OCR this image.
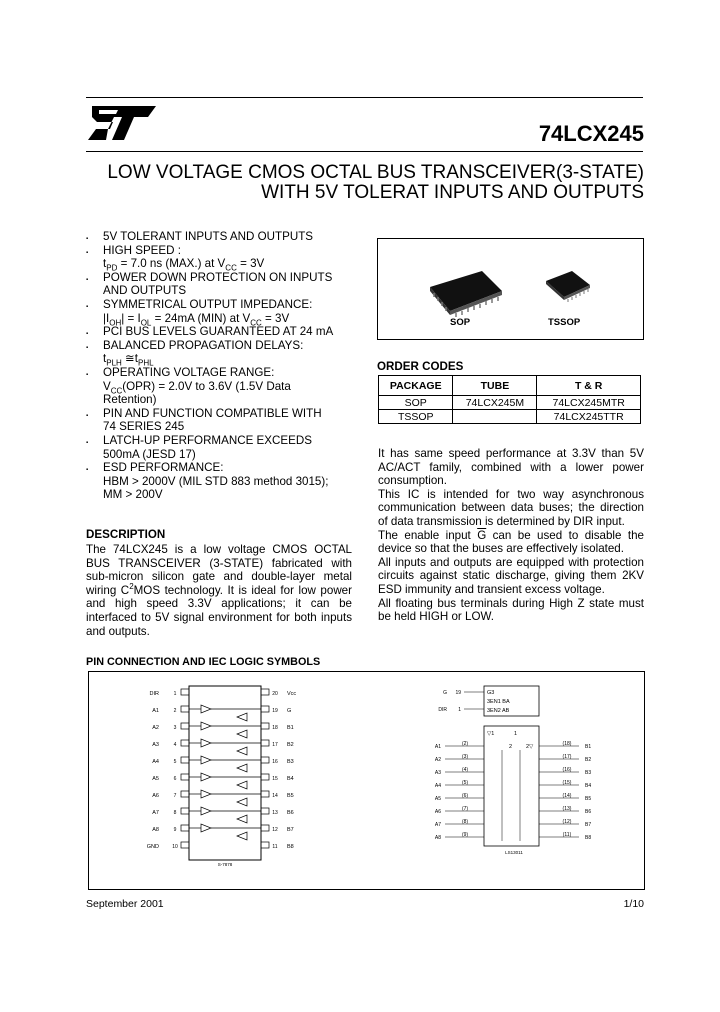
74LCX245
LOW VOLTAGE CMOS OCTAL BUS TRANSCEIVER(3-STATE)
WITH 5V TOLERAT INPUTS AND OUTPUTS
▪ 5V TOLERANT INPUTS AND OUTPUTS
▪ HIGH SPEED :
$t_{PD} = 7.0$ ns (MAX.) at $V_{CC} = 3V$
▪ POWER DOWN PROTECTION ON INPUTS
AND OUTPUTS
▪ SYMMETRICAL OUTPUT IMPEDANCE:
$|I_{OH}| = I_{OL} = 24mA$ (MIN) at $V_{CC} = 3V$
▪ PCI BUS LEVELS GUARANTEED AT 24 mA
▪ BALANCED PROPAGATION DELAYS:
$t_{PLH}$ $≅t_{PHL}$
▪ OPERATING VOLTAGE RANGE:
$V_{CC}(OPR) = 2.0V$ to 3.6V (1.5V Data
Retention)
▪ PIN AND FUNCTION COMPATIBLE WITH
74 SERIES 245
▪ LATCH-UP PERFORMANCE EXCEEDS
500mA (JESD 17)
▪ ESD PERFORMANCE:
HBM > 2000V (MIL STD 883 method 3015);
MM > 200V
SOP	TSSOP
ORDER CODES
PACKAGE	TUBE	T & R
SOP	74LCX245M	74LCX245MTR
TSSOP		74LCX245TTR
It has same speed performance at 3.3V than 5V AC/ACT family, combined with a lower power consumption.
This IC is intended for two way asynchronous communication between data buses; the direction of data transmission is determined by DIR input.
The enable input $\overline{G}$ can be used to disable the device so that the buses are effectively isolated.
All inputs and outputs are equipped with protection circuits against static discharge, giving them 2KV ESD immunity and transient excess voltage.
All floating bus terminals during High Z state must be held HIGH or LOW.
DESCRIPTION
The 74LCX245 is a low voltage CMOS OCTAL BUS TRANSCEIVER (3-STATE) fabricated with sub-micron silicon gate and double-layer metal wiring $C^2MOS$ technology. It is ideal for low power and high speed 3.3V applications; it can be interfaced to 5V signal environment for both inputs and outputs.
PIN CONNECTION AND IEC LOGIC SYMBOLS
DIR	1	20 Vcc
A1	2	19 G
A2	3	18 B1
A3	4	17 B2
A4	5	16 B3
A5	6	15 B4
A6	7	14 B5
A7	8	13 B6
A8	9	12 B7
GND	10	11 B8
S-7878
G3
3EN1 BA
3EN2 AB
19
G
1
DIR
▽1	1
2	2▽
A1	(2)	(18)	B1
A2	(3)	(17)	B2
A3	(4)	(16)	B3
A4	(5)	(15)	B4
A5	(6)	(14)	B5
A6	(7)	(13)	B6
A7	(8)	(12)	B7
A8	(9)	(11)	B8
LS13011
September 2001	1/10
